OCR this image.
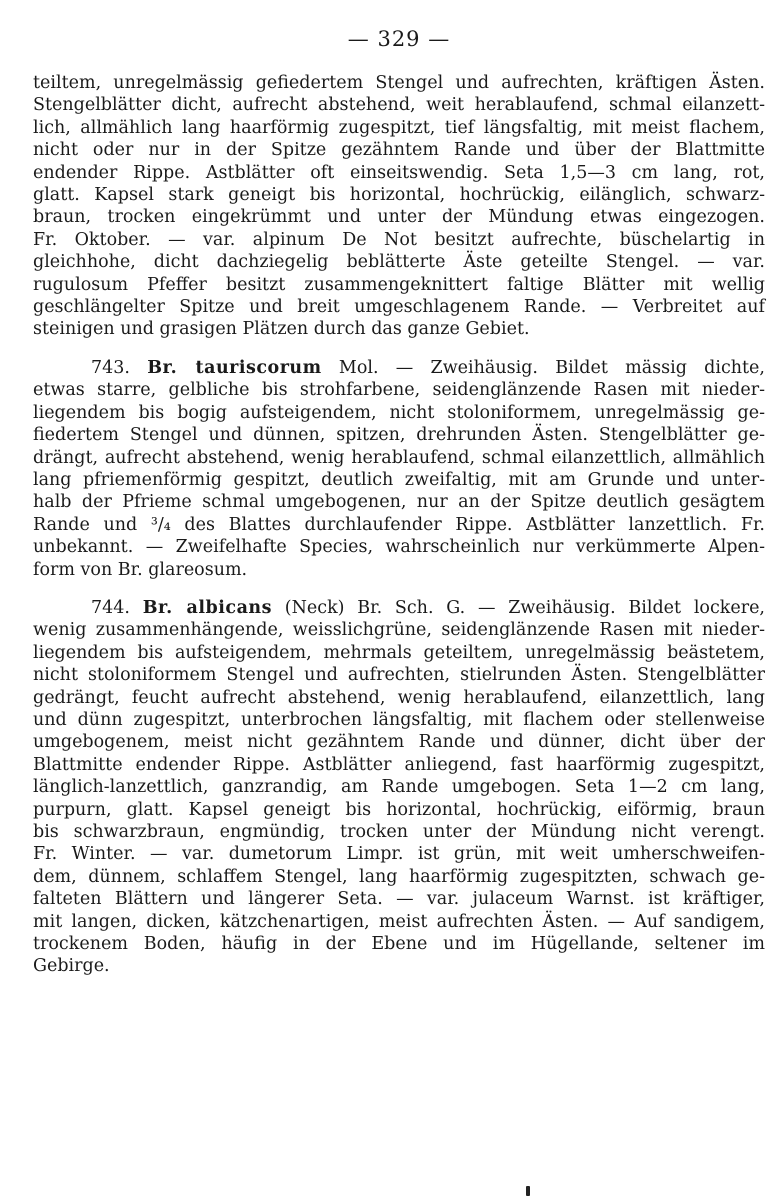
— 329 —
teiltem, unregelmässig gefiedertem Stengel und aufrechten, kräftigen Ästen.
Stengelblätter dicht, aufrecht abstehend, weit herablaufend, schmal eilanzett-
lich, allmählich lang haarförmig zugespitzt, tief längsfaltig, mit meist flachem,
nicht oder nur in der Spitze gezähntem Rande und über der Blattmitte
endender Rippe. Astblätter oft einseitswendig. Seta 1,5—3 cm lang, rot,
glatt. Kapsel stark geneigt bis horizontal, hochrückig, eilänglich, schwarz-
braun, trocken eingekrümmt und unter der Mündung etwas eingezogen.
Fr. Oktober. — var. alpinum De Not besitzt aufrechte, büschelartig in
gleichhohe, dicht dachziegelig beblätterte Äste geteilte Stengel. — var.
rugulosum Pfeffer besitzt zusammengeknittert faltige Blätter mit wellig
geschlängelter Spitze und breit umgeschlagenem Rande. — Verbreitet auf
steinigen und grasigen Plätzen durch das ganze Gebiet.
743. Br. tauriscorum Mol. — Zweihäusig. Bildet mässig dichte,
etwas starre, gelbliche bis strohfarbene, seidenglänzende Rasen mit nieder-
liegendem bis bogig aufsteigendem, nicht stoloniformem, unregelmässig ge-
fiedertem Stengel und dünnen, spitzen, drehrunden Ästen. Stengelblätter ge-
drängt, aufrecht abstehend, wenig herablaufend, schmal eilanzettlich, allmählich
lang pfriemenförmig gespitzt, deutlich zweifaltig, mit am Grunde und unter-
halb der Pfrieme schmal umgebogenen, nur an der Spitze deutlich gesägtem
Rande und ³/₄ des Blattes durchlaufender Rippe. Astblätter lanzettlich. Fr.
unbekannt. — Zweifelhafte Species, wahrscheinlich nur verkümmerte Alpen-
form von Br. glareosum.
744. Br. albicans (Neck) Br. Sch. G. — Zweihäusig. Bildet lockere,
wenig zusammenhängende, weisslichgrüne, seidenglänzende Rasen mit nieder-
liegendem bis aufsteigendem, mehrmals geteiltem, unregelmässig beästetem,
nicht stoloniformem Stengel und aufrechten, stielrunden Ästen. Stengelblätter
gedrängt, feucht aufrecht abstehend, wenig herablaufend, eilanzettlich, lang
und dünn zugespitzt, unterbrochen längsfaltig, mit flachem oder stellenweise
umgebogenem, meist nicht gezähntem Rande und dünner, dicht über der
Blattmitte endender Rippe. Astblätter anliegend, fast haarförmig zugespitzt,
länglich-lanzettlich, ganzrandig, am Rande umgebogen. Seta 1—2 cm lang,
purpurn, glatt. Kapsel geneigt bis horizontal, hochrückig, eiförmig, braun
bis schwarzbraun, engmündig, trocken unter der Mündung nicht verengt.
Fr. Winter. — var. dumetorum Limpr. ist grün, mit weit umherschweifen-
dem, dünnem, schlaffem Stengel, lang haarförmig zugespitzten, schwach ge-
falteten Blättern und längerer Seta. — var. julaceum Warnst. ist kräftiger,
mit langen, dicken, kätzchenartigen, meist aufrechten Ästen. — Auf sandigem,
trockenem Boden, häufig in der Ebene und im Hügellande, seltener im
Gebirge.
